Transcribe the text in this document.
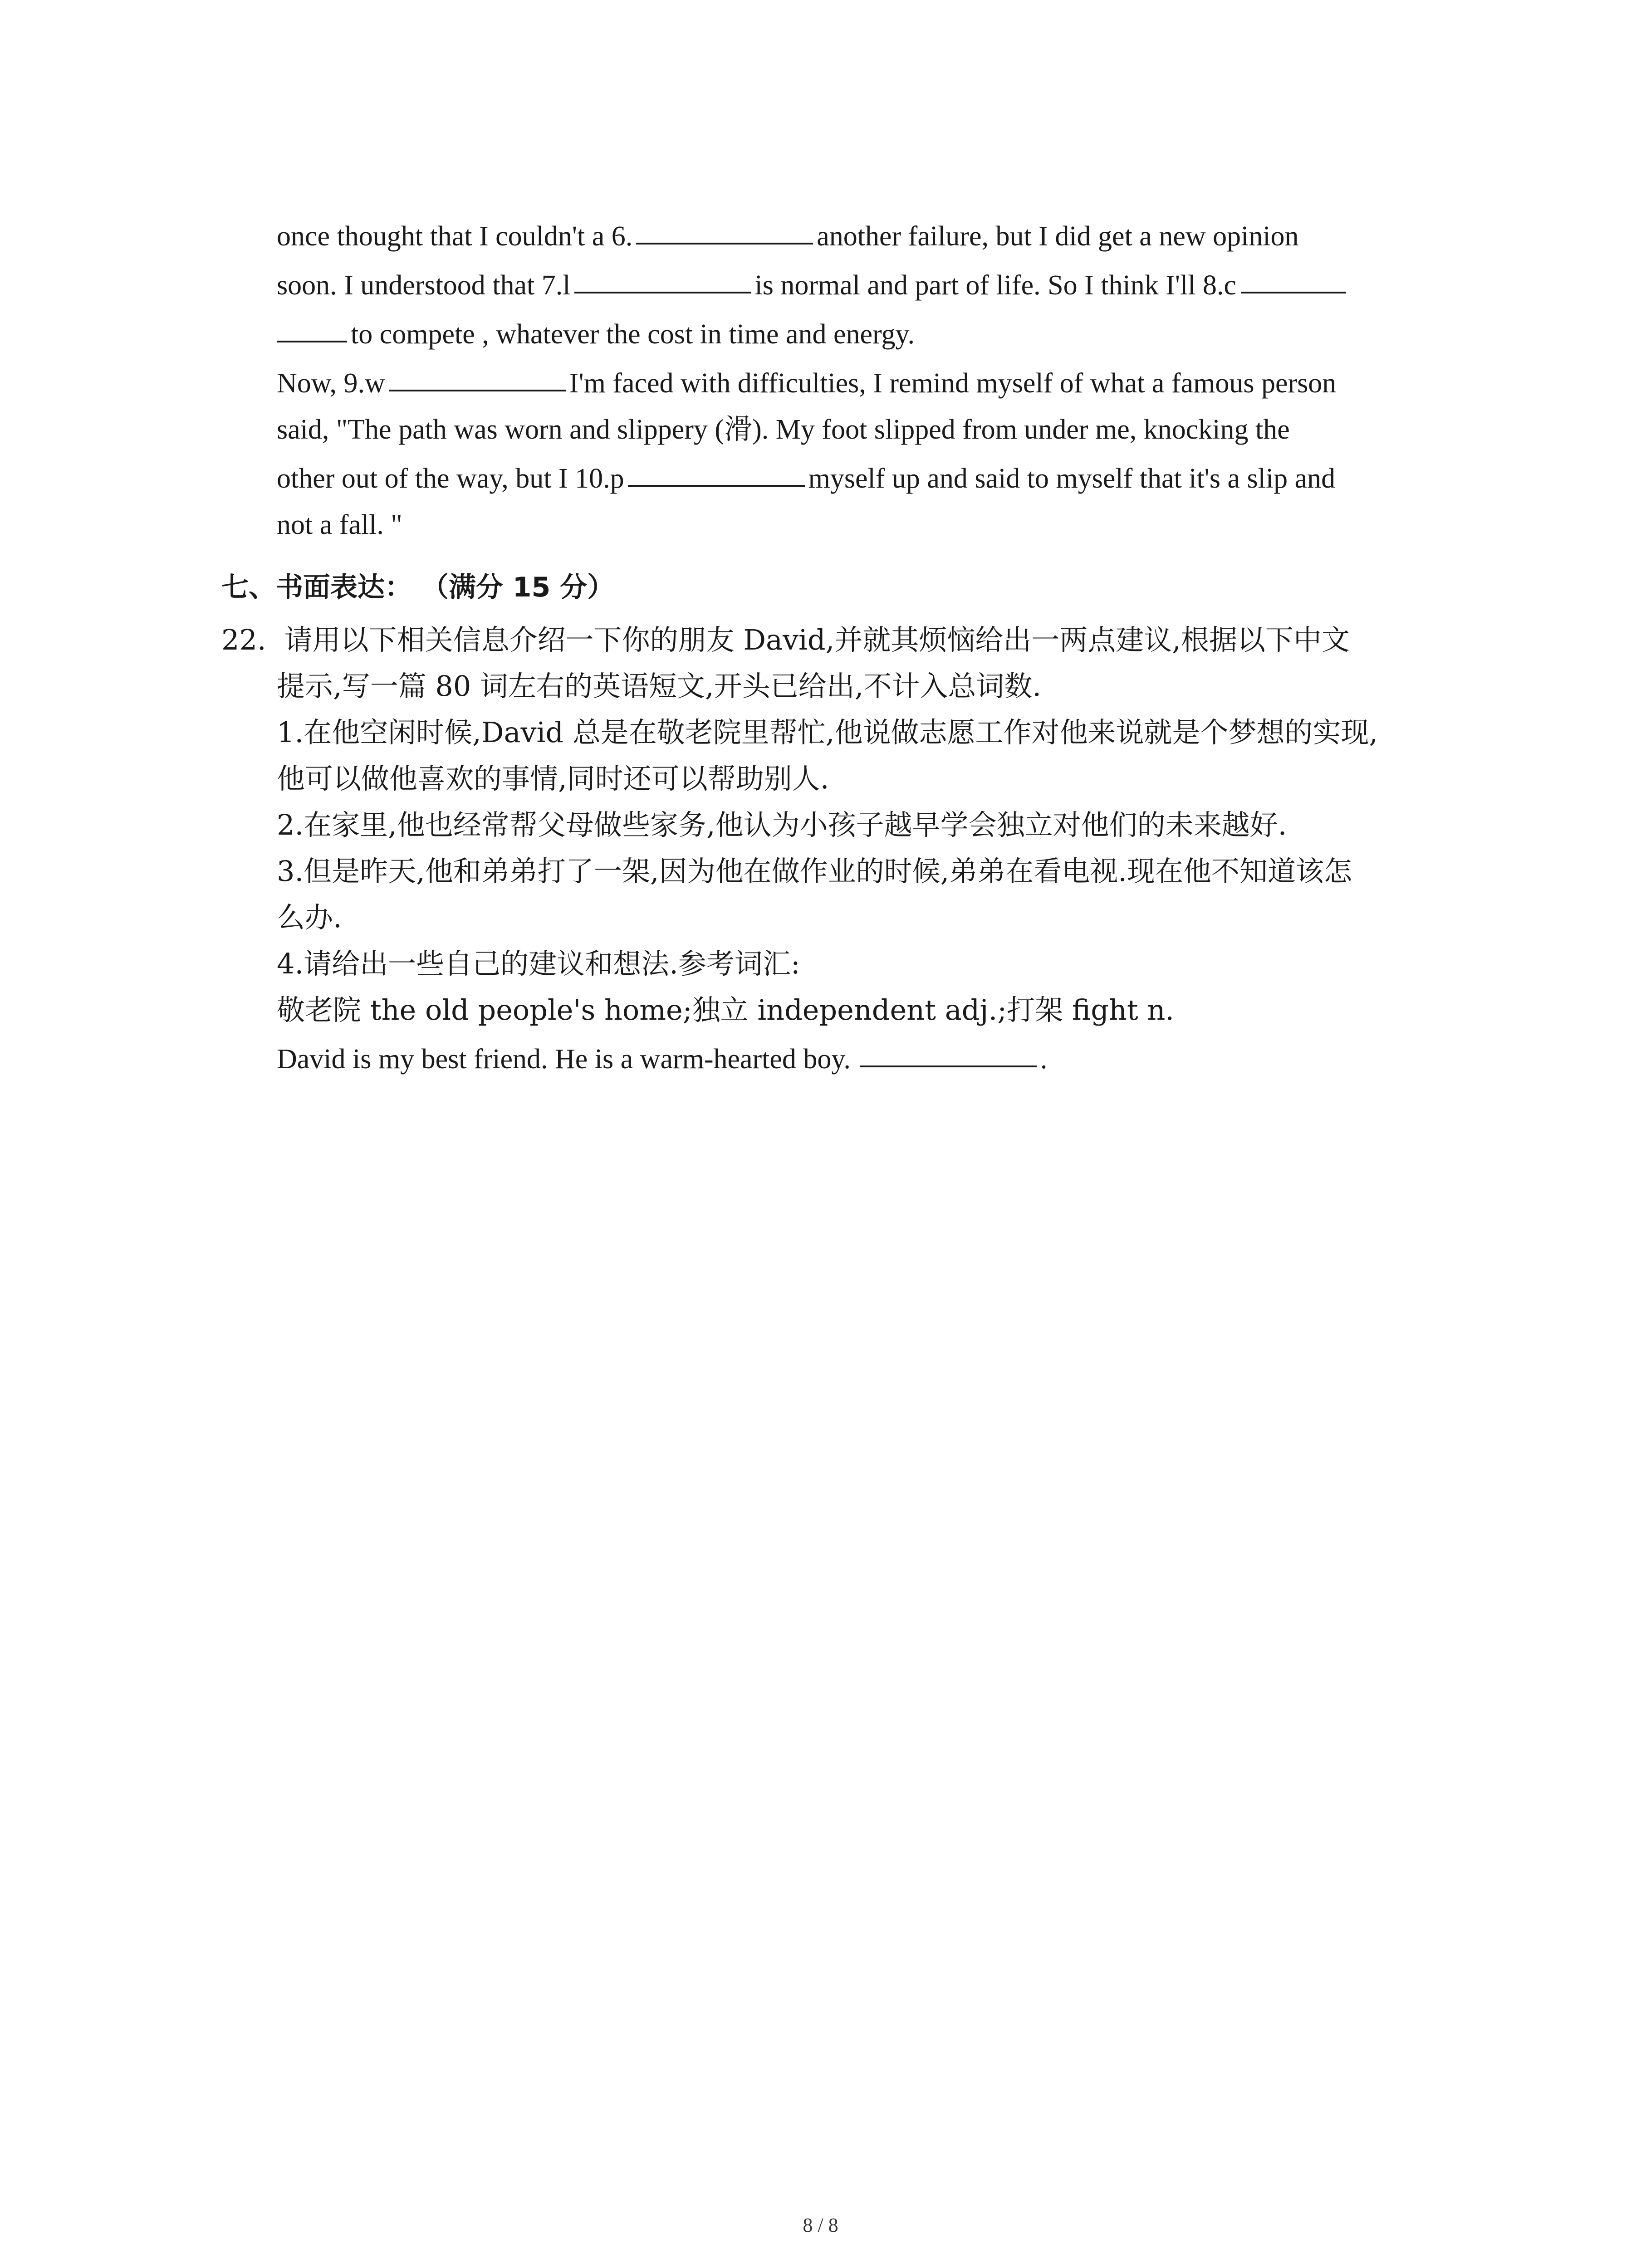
once thought that I couldn't a 6.	another failure, but I did get a new opinion
soon. I understood that 7.l	is normal and part of life. So I think I'll 8.c
to compete , whatever the cost in time and energy.
Now, 9.w	I'm faced with difficulties, I remind myself of what a famous person
said, "The path was worn and slippery (滑). My foot slipped from under me, knocking the
other out of the way, but I 10.p	myself up and said to myself that it's a slip and
not a fall. "
七、书面表达： （满分 15 分）
22. 请用以下相关信息介绍一下你的朋友 David,并就其烦恼给出一两点建议,根据以下中文
提示,写一篇 80 词左右的英语短文,开头已给出,不计入总词数.
1.在他空闲时候,David 总是在敬老院里帮忙,他说做志愿工作对他来说就是个梦想的实现,
他可以做他喜欢的事情,同时还可以帮助别人.
2.在家里,他也经常帮父母做些家务,他认为小孩子越早学会独立对他们的未来越好.
3.但是昨天,他和弟弟打了一架,因为他在做作业的时候,弟弟在看电视.现在他不知道该怎
么办.
4.请给出一些自己的建议和想法.参考词汇:
敬老院 the old people's home;独立 independent adj.;打架 fight n.
David is my best friend. He is a warm-hearted boy.	.
8 / 8
